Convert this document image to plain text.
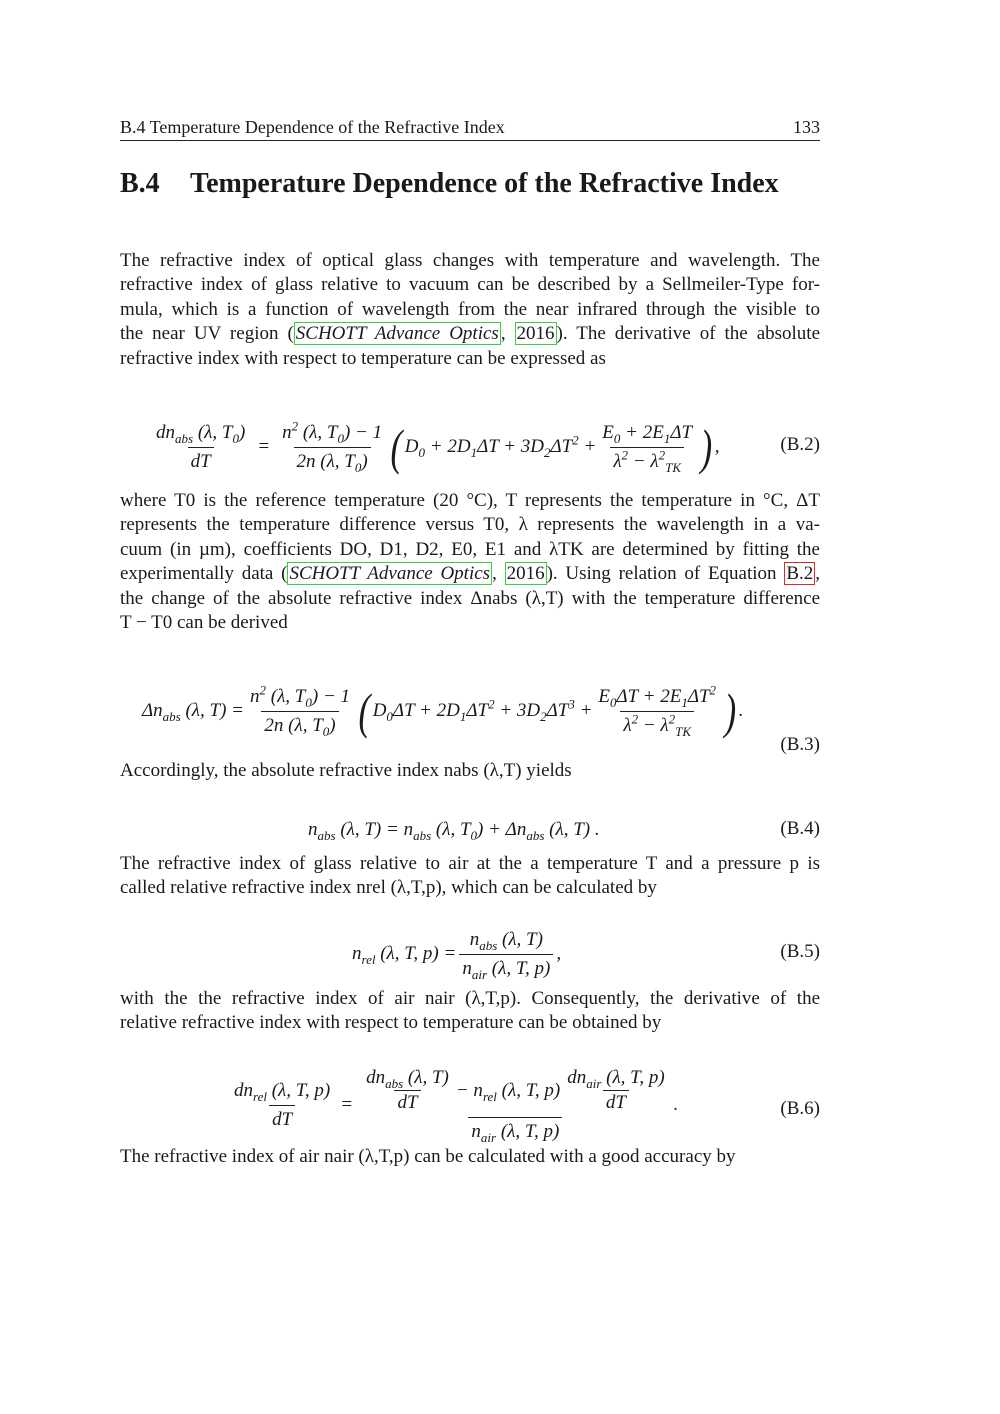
B.4 Temperature Dependence of the Refractive Index	133
B.4 Temperature Dependence of the Refractive Index
The refractive index of optical glass changes with temperature and wavelength. The
refractive index of glass relative to vacuum can be described by a Sellmeiler-Type for-
mula, which is a function of wavelength from the near infrared through the visible to
the near UV region ( SCHOTT Advance Optics , 2016 ). The derivative of the absolute
refractive index with respect to temperature can be expressed as
$\frac{dn_{abs} (\lambda, T_0)}{dT} = \frac{n^2 (\lambda, T_0) - 1}{2n (\lambda, T_0)}$ ( $D_0 + 2D_1\Delta T + 3D_2\Delta T^2 + \frac{E_0 + 2E_1\Delta T}{\lambda^2 - \lambda^2_{TK}}$ ) ,	(B.2)
where T0 is the reference temperature (20 °C), T represents the temperature in °C, ΔT
represents the temperature difference versus T0, λ represents the wavelength in a va-
cuum (in µm), coefficients DO, D1, D2, E0, E1 and λTK are determined by fitting the
experimentally data ( SCHOTT Advance Optics , 2016 ). Using relation of Equation B.2 ,
the change of the absolute refractive index Δnabs (λ,T) with the temperature difference
T − T0 can be derived
$\Delta n_{abs}$ (λ, $T) = \frac{n^2 (\lambda, T_0) - 1}{2n (\lambda, T_0)}$ ( $D_0\Delta T + 2D_1\Delta T^2 + 3D_2\Delta T^3 + \frac{E_0\Delta T + 2E_1\Delta T^2}{\lambda^2 - \lambda^2_{TK}}$ ) .
(B.3)
Accordingly, the absolute refractive index nabs (λ,T) yields
$n_{abs}$ (λ, $T) = n_{abs}$ (λ, $T_0) + \Delta n_{abs}$ (λ, T) .	(B.4)
The refractive index of glass relative to air at the a temperature T and a pressure p is
called relative refractive index nrel (λ,T,p), which can be calculated by
$n_{rel}$ (λ, T, $p) = \frac{n_{abs} (\lambda, T)}{n_{air} (\lambda, T, p)}$ ,	(B.5)
with the the refractive index of air nair (λ,T,p). Consequently, the derivative of the
relative refractive index with respect to temperature can be obtained by
$\frac{dn_{rel} (\lambda, T, p)}{dT} = \frac{dn_{abs} (\lambda, T)}{dT} - n_{rel}$ (λ, T, $p) \frac{dn_{air} (\lambda, T, p)}{dT}$
$n_{air}$ (λ, T, p)
.	(B.6)
The refractive index of air nair (λ,T,p) can be calculated with a good accuracy by
